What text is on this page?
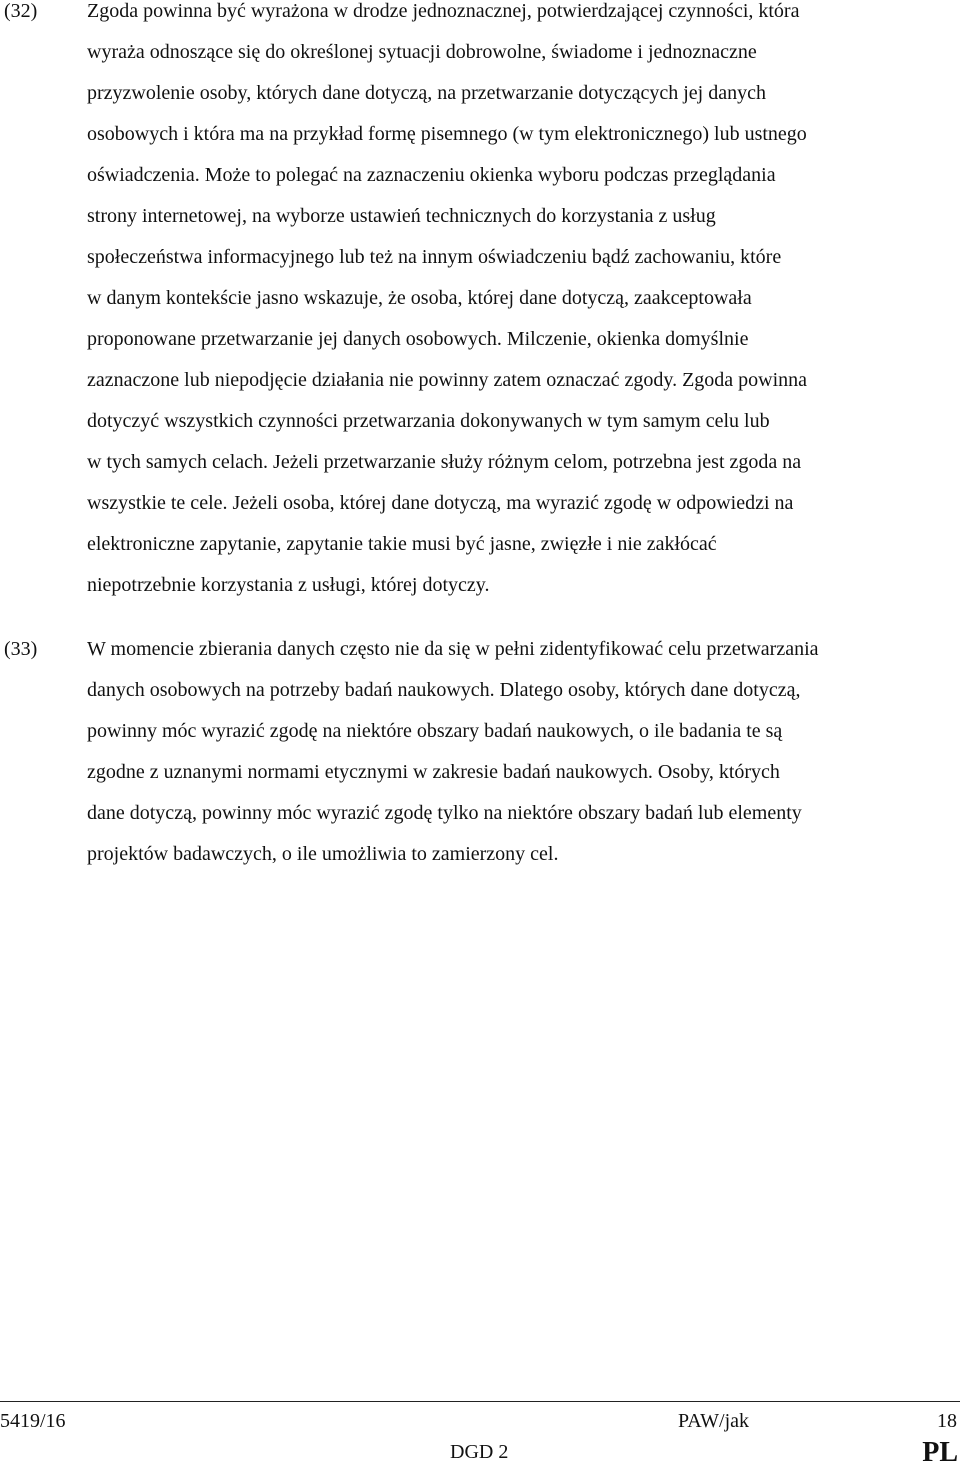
(32) Zgoda powinna być wyrażona w drodze jednoznacznej, potwierdzającej czynności, która
wyraża odnoszące się do określonej sytuacji dobrowolne, świadome i jednoznaczne
przyzwolenie osoby, których dane dotyczą, na przetwarzanie dotyczących jej danych
osobowych i która ma na przykład formę pisemnego (w tym elektronicznego) lub ustnego
oświadczenia. Może to polegać na zaznaczeniu okienka wyboru podczas przeglądania
strony internetowej, na wyborze ustawień technicznych do korzystania z usług
społeczeństwa informacyjnego lub też na innym oświadczeniu bądź zachowaniu, które
w danym kontekście jasno wskazuje, że osoba, której dane dotyczą, zaakceptowała
proponowane przetwarzanie jej danych osobowych. Milczenie, okienka domyślnie
zaznaczone lub niepodjęcie działania nie powinny zatem oznaczać zgody. Zgoda powinna
dotyczyć wszystkich czynności przetwarzania dokonywanych w tym samym celu lub
w tych samych celach. Jeżeli przetwarzanie służy różnym celom, potrzebna jest zgoda na
wszystkie te cele. Jeżeli osoba, której dane dotyczą, ma wyrazić zgodę w odpowiedzi na
elektroniczne zapytanie, zapytanie takie musi być jasne, zwięzłe i nie zakłócać
niepotrzebnie korzystania z usługi, której dotyczy.
(33) W momencie zbierania danych często nie da się w pełni zidentyfikować celu przetwarzania
danych osobowych na potrzeby badań naukowych. Dlatego osoby, których dane dotyczą,
powinny móc wyrazić zgodę na niektóre obszary badań naukowych, o ile badania te są
zgodne z uznanymi normami etycznymi w zakresie badań naukowych. Osoby, których
dane dotyczą, powinny móc wyrazić zgodę tylko na niektóre obszary badań lub elementy
projektów badawczych, o ile umożliwia to zamierzony cel.
5419/16	PAW/jak	18
DGD 2	PL
